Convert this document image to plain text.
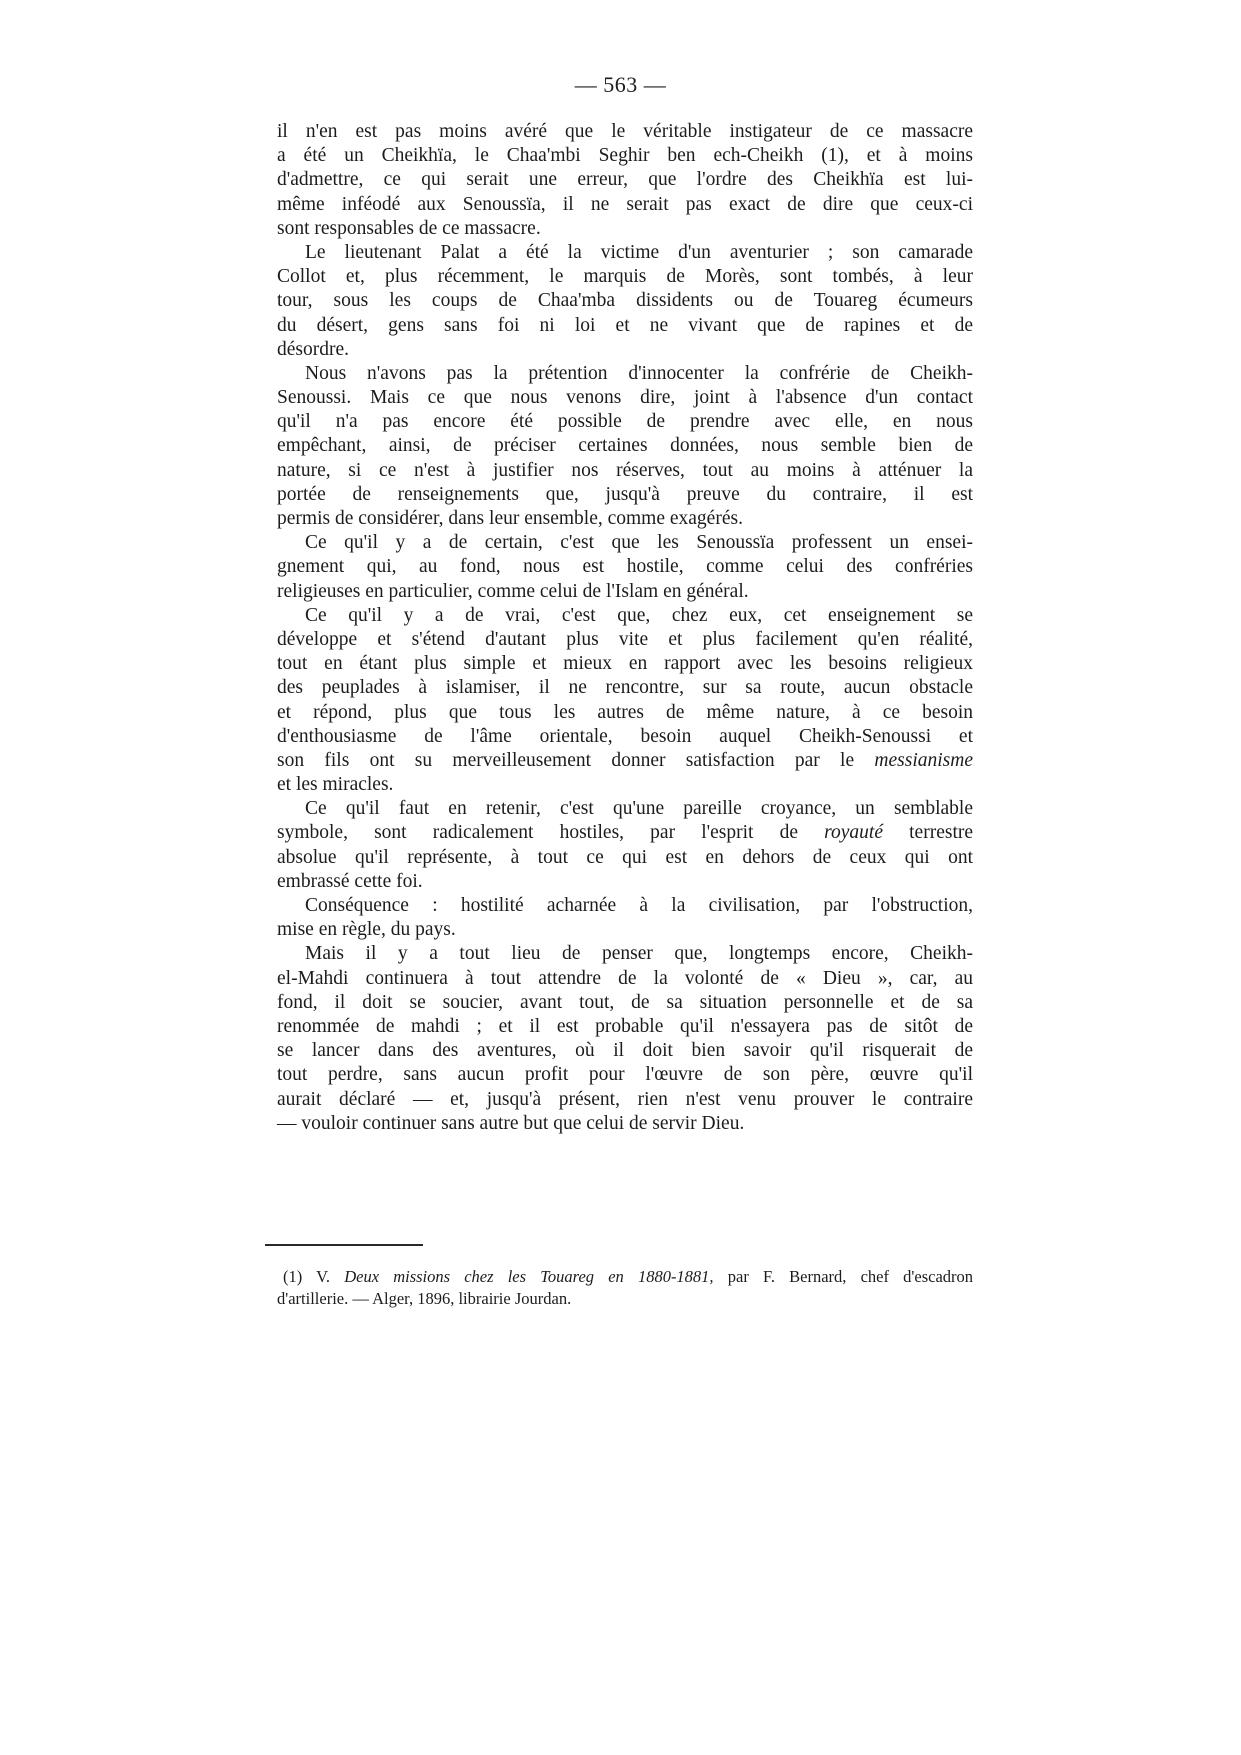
— 563 —
il n'en est pas moins avéré que le véritable instigateur de ce massacre
a été un Cheikhïa, le Chaa'mbi Seghir ben ech-Cheikh (1), et à moins
d'admettre, ce qui serait une erreur, que l'ordre des Cheikhïa est lui-
même inféodé aux Senoussïa, il ne serait pas exact de dire que ceux-ci
sont responsables de ce massacre.
Le lieutenant Palat a été la victime d'un aventurier ; son camarade
Collot et, plus récemment, le marquis de Morès, sont tombés, à leur
tour, sous les coups de Chaa'mba dissidents ou de Touareg écumeurs
du désert, gens sans foi ni loi et ne vivant que de rapines et de
désordre.
Nous n'avons pas la prétention d'innocenter la confrérie de Cheikh-
Senoussi. Mais ce que nous venons dire, joint à l'absence d'un contact
qu'il n'a pas encore été possible de prendre avec elle, en nous
empêchant, ainsi, de préciser certaines données, nous semble bien de
nature, si ce n'est à justifier nos réserves, tout au moins à atténuer la
portée de renseignements que, jusqu'à preuve du contraire, il est
permis de considérer, dans leur ensemble, comme exagérés.
Ce qu'il y a de certain, c'est que les Senoussïa professent un ensei-
gnement qui, au fond, nous est hostile, comme celui des confréries
religieuses en particulier, comme celui de l'Islam en général.
Ce qu'il y a de vrai, c'est que, chez eux, cet enseignement se
développe et s'étend d'autant plus vite et plus facilement qu'en réalité,
tout en étant plus simple et mieux en rapport avec les besoins religieux
des peuplades à islamiser, il ne rencontre, sur sa route, aucun obstacle
et répond, plus que tous les autres de même nature, à ce besoin
d'enthousiasme de l'âme orientale, besoin auquel Cheikh-Senoussi et
son fils ont su merveilleusement donner satisfaction par le messianisme
et les miracles.
Ce qu'il faut en retenir, c'est qu'une pareille croyance, un semblable
symbole, sont radicalement hostiles, par l'esprit de royauté terrestre
absolue qu'il représente, à tout ce qui est en dehors de ceux qui ont
embrassé cette foi.
Conséquence : hostilité acharnée à la civilisation, par l'obstruction,
mise en règle, du pays.
Mais il y a tout lieu de penser que, longtemps encore, Cheikh-
el-Mahdi continuera à tout attendre de la volonté de « Dieu », car, au
fond, il doit se soucier, avant tout, de sa situation personnelle et de sa
renommée de mahdi ; et il est probable qu'il n'essayera pas de sitôt de
se lancer dans des aventures, où il doit bien savoir qu'il risquerait de
tout perdre, sans aucun profit pour l'œuvre de son père, œuvre qu'il
aurait déclaré — et, jusqu'à présent, rien n'est venu prouver le contraire
— vouloir continuer sans autre but que celui de servir Dieu.
(1) V. Deux missions chez les Touareg en 1880-1881, par F. Bernard, chef d'escadron
d'artillerie. — Alger, 1896, librairie Jourdan.
